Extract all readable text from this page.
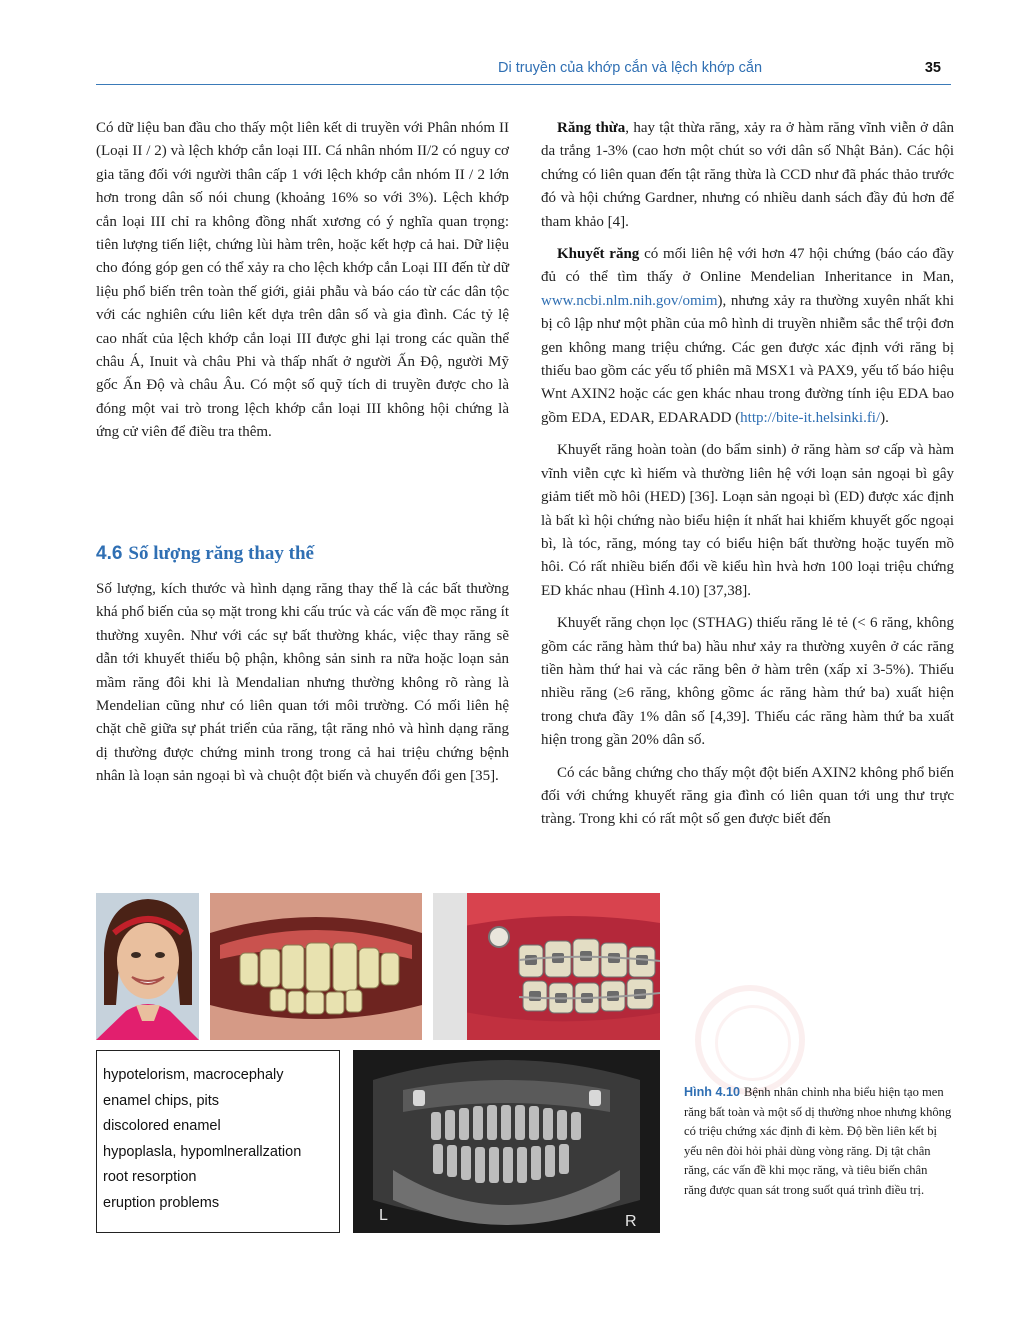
Di truyền của khớp cắn và lệch khớp cắn	35

Có dữ liệu ban đầu cho thấy một liên kết di truyền với Phân nhóm II (Loại II / 2) và lệch khớp cắn loại III. Cá nhân nhóm II/2 có nguy cơ gia tăng đối với người thân cấp 1 với lệch khớp cắn nhóm II / 2 lớn hơn trong dân số nói chung (khoảng 16% so với 3%). Lệch khớp cắn loại III chỉ ra không đồng nhất xương có ý nghĩa quan trọng: tiên lượng tiến liệt, chứng lùi hàm trên, hoặc kết hợp cả hai. Dữ liệu cho đóng góp gen có thể xảy ra cho lệch khớp cắn Loại III đến từ dữ liệu phổ biến trên toàn thế giới, giải phẫu và báo cáo từ các dân tộc với các nghiên cứu liên kết dựa trên dân số và gia đình. Các tỷ lệ cao nhất của lệch khớp cắn loại III được ghi lại trong các quần thể châu Á, Inuit và châu Phi và thấp nhất ở người Ấn Độ, người Mỹ gốc Ấn Độ và châu Âu. Có một số quỹ tích di truyền được cho là đóng một vai trò trong lệch khớp cắn loại III không hội chứng là ứng cử viên để điều tra thêm.

4.6 Số lượng răng thay thế

Số lượng, kích thước và hình dạng răng thay thế là các bất thường khá phổ biến của sọ mặt trong khi cấu trúc và các vấn đề mọc răng ít thường xuyên. Như với các sự bất thường khác, việc thay răng sẽ dẫn tới khuyết thiếu bộ phận, không sản sinh ra nữa hoặc loạn sản mầm răng đôi khi là Mendalian nhưng thường không rõ ràng là Mendelian cũng như có liên quan tới môi trường. Có mối liên hệ chặt chẽ giữa sự phát triển của răng, tật răng nhỏ và hình dạng răng dị thường được chứng minh trong trong cả hai triệu chứng bệnh nhân là loạn sản ngoại bì và chuột đột biến và chuyển đổi gen [35].

Răng thừa, hay tật thừa răng, xảy ra ở hàm răng vĩnh viễn ở dân da trắng 1-3% (cao hơn một chút so với dân số Nhật Bản). Các hội chứng có liên quan đến tật răng thừa là CCD như đã phác thảo trước đó và hội chứng Gardner, nhưng có nhiều danh sách đầy đủ hơn để tham khảo [4].

Khuyết răng có mối liên hệ với hơn 47 hội chứng (báo cáo đầy đủ có thể tìm thấy ở Online Mendelian Inheritance in Man, www.ncbi.nlm.nih.gov/omim), nhưng xảy ra thường xuyên nhất khi bị cô lập như một phần của mô hình di truyền nhiễm sắc thể trội đơn gen không mang triệu chứng. Các gen được xác định với răng bị thiếu bao gồm các yếu tố phiên mã MSX1 và PAX9, yếu tố báo hiệu Wnt AXIN2 hoặc các gen khác nhau trong đường tính iệu EDA bao gồm EDA, EDAR, EDARADD (http://bite-it.helsinki.fi/).

Khuyết răng hoàn toàn (do bẩm sinh) ở răng hàm sơ cấp và hàm vĩnh viễn cực kì hiếm và thường liên hệ với loạn sản ngoại bì gây giảm tiết mồ hôi (HED) [36]. Loạn sản ngoại bì (ED) được xác định là bất kì hội chứng nào biểu hiện ít nhất hai khiếm khuyết gốc ngoại bì, là tóc, răng, móng tay có biểu hiện bất thường hoặc tuyến mồ hôi. Có rất nhiều biến đổi về kiểu hìn hvà hơn 100 loại triệu chứng ED khác nhau (Hình 4.10) [37,38].

Khuyết răng chọn lọc (STHAG) thiếu răng lẻ tẻ (< 6 răng, không gồm các răng hàm thứ ba) hầu như xảy ra thường xuyên ở các răng tiền hàm thứ hai và các răng bên ở hàm trên (xấp xỉ 3-5%). Thiếu nhiều răng (≥6 răng, không gồmc ác răng hàm thứ ba) xuất hiện trong chưa đầy 1% dân số [4,39]. Thiếu các răng hàm thứ ba xuất hiện trong gần 20% dân số.

Có các bằng chứng cho thấy một đột biến AXIN2 không phổ biến đối với chứng khuyết răng gia đình có liên quan tới ung thư trực tràng. Trong khi có rất một số gen được biết đến

hypotelorism, macrocephaly
enamel chips, pits
discolored enamel
hypoplasla, hypomlnerallzation
root resorption
eruption problems
L	R
Hình 4.10 Bệnh nhân chỉnh nha biểu hiện tạo men răng bất toàn và một số dị thường nhoe nhưng không có triệu chứng xác định đi kèm. Độ bền liên kết bị yếu nên đòi hỏi phải dùng vòng răng. Dị tật chân răng, các vấn đề khi mọc răng, và tiêu biến chân răng được quan sát trong suốt quá trình điều trị.
